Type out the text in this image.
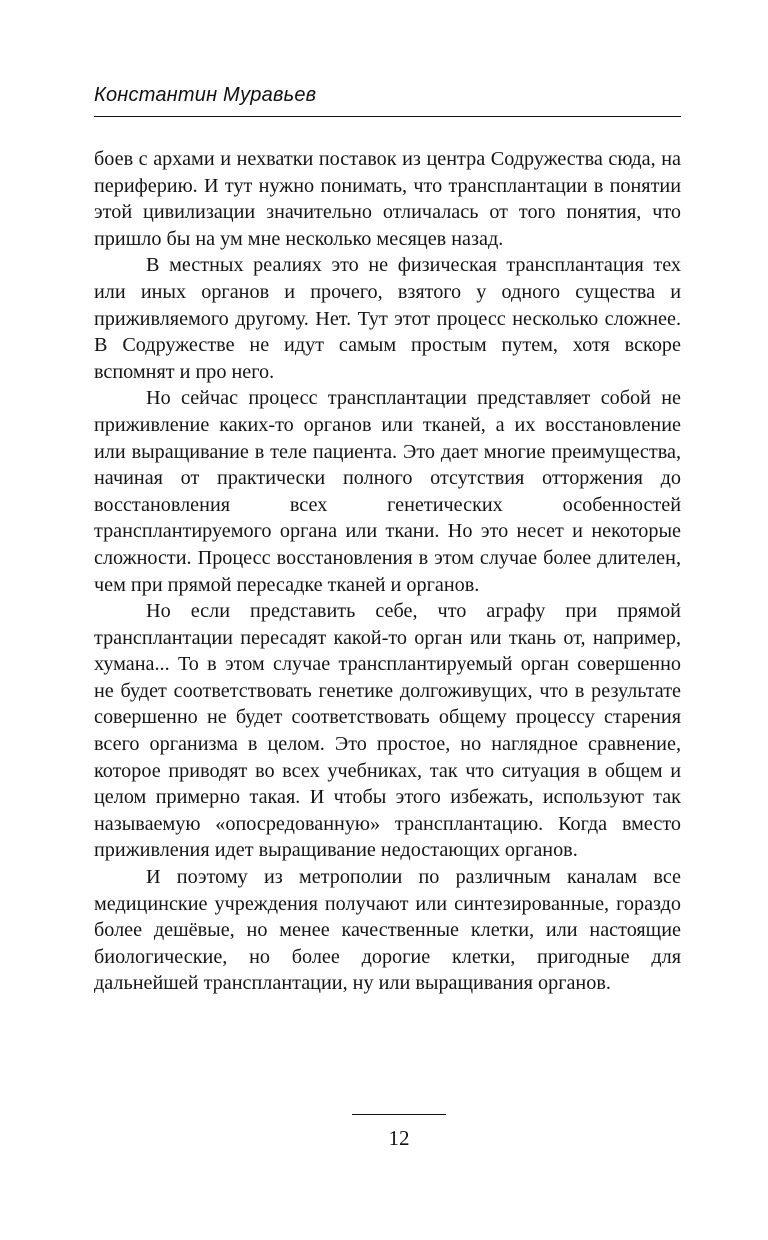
Константин Муравьев

боев с архами и нехватки поставок из центра Содружества сюда, на периферию. И тут нужно понимать, что трансплантации в понятии этой цивилизации значительно отличалась от того понятия, что пришло бы на ум мне несколько месяцев назад.

В местных реалиях это не физическая трансплантация тех или иных органов и прочего, взятого у одного существа и приживляемого другому. Нет. Тут этот процесс несколько сложнее. В Содружестве не идут самым простым путем, хотя вскоре вспомнят и про него.

Но сейчас процесс трансплантации представляет собой не приживление каких-то органов или тканей, а их восстановление или выращивание в теле пациента. Это дает многие преимущества, начиная от практически полного отсутствия отторжения до восстановления всех генетических особенностей трансплантируемого органа или ткани. Но это несет и некоторые сложности. Процесс восстановления в этом случае более длителен, чем при прямой пересадке тканей и органов.

Но если представить себе, что аграфу при прямой трансплантации пересадят какой-то орган или ткань от, например, хумана... То в этом случае трансплантируемый орган совершенно не будет соответствовать генетике долгоживущих, что в результате совершенно не будет соответствовать общему процессу старения всего организма в целом. Это простое, но наглядное сравнение, которое приводят во всех учебниках, так что ситуация в общем и целом примерно такая. И чтобы этого избежать, используют так называемую «опосредованную» трансплантацию. Когда вместо приживления идет выращивание недостающих органов.

И поэтому из метрополии по различным каналам все медицинские учреждения получают или синтезированные, гораздо более дешёвые, но менее качественные клетки, или настоящие биологические, но более дорогие клетки, пригодные для дальнейшей трансплантации, ну или выращивания органов.

12
